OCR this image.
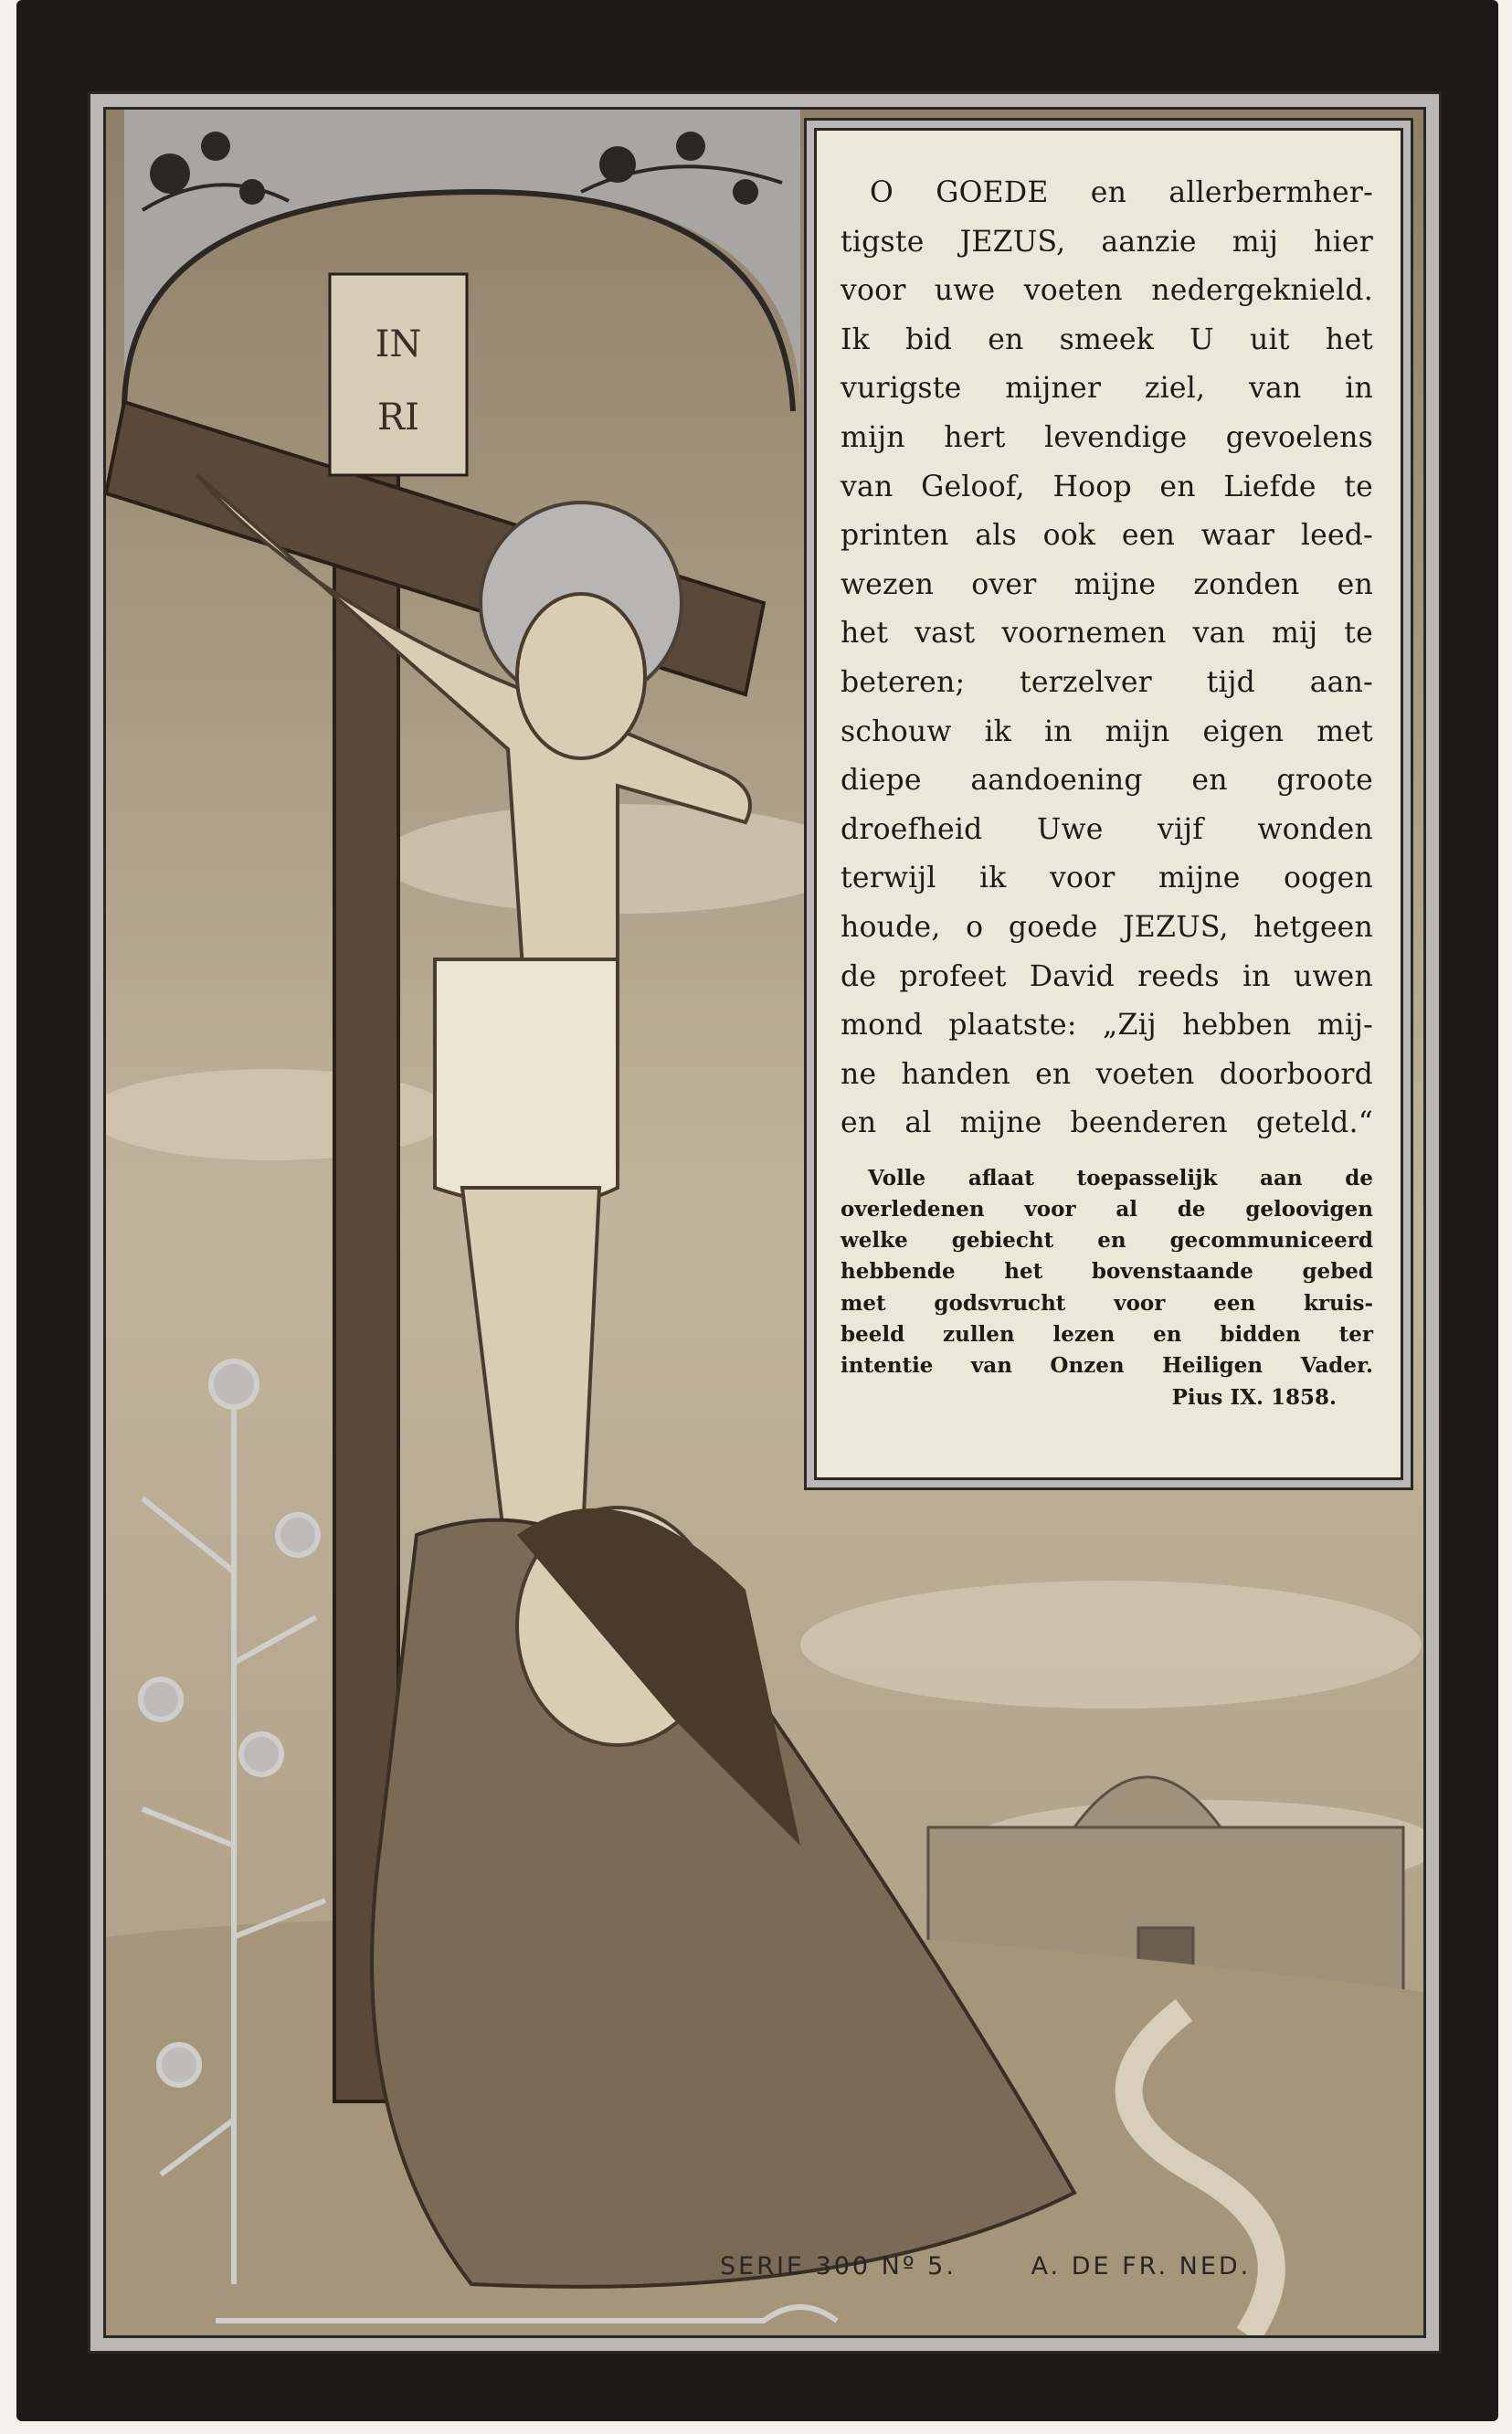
IN
RI
O GOEDE en allerbermher-
tigste JEZUS, aanzie mij hier
voor uwe voeten nedergeknield.
Ik bid en smeek U uit het
vurigste mijner ziel, van in
mijn hert levendige gevoelens
van Geloof, Hoop en Liefde te
printen als ook een waar leed-
wezen over mijne zonden en
het vast voornemen van mij te
beteren; terzelver tijd aan-
schouw ik in mijn eigen met
diepe aandoening en groote
droefheid Uwe vijf wonden
terwijl ik voor mijne oogen
houde, o goede JEZUS, hetgeen
de profeet David reeds in uwen
mond plaatste: „Zij hebben mij-
ne handen en voeten doorboord
en al mijne beenderen geteld.“
Volle aflaat toepasselijk aan de
overledenen voor al de geloovigen
welke gebiecht en gecommuniceerd
hebbende het bovenstaande gebed
met godsvrucht voor een kruis-
beeld zullen lezen en bidden ter
intentie van Onzen Heiligen Vader.
Pius IX. 1858.
SERIE 300 Nº 5.	A. DE FR. NED.
